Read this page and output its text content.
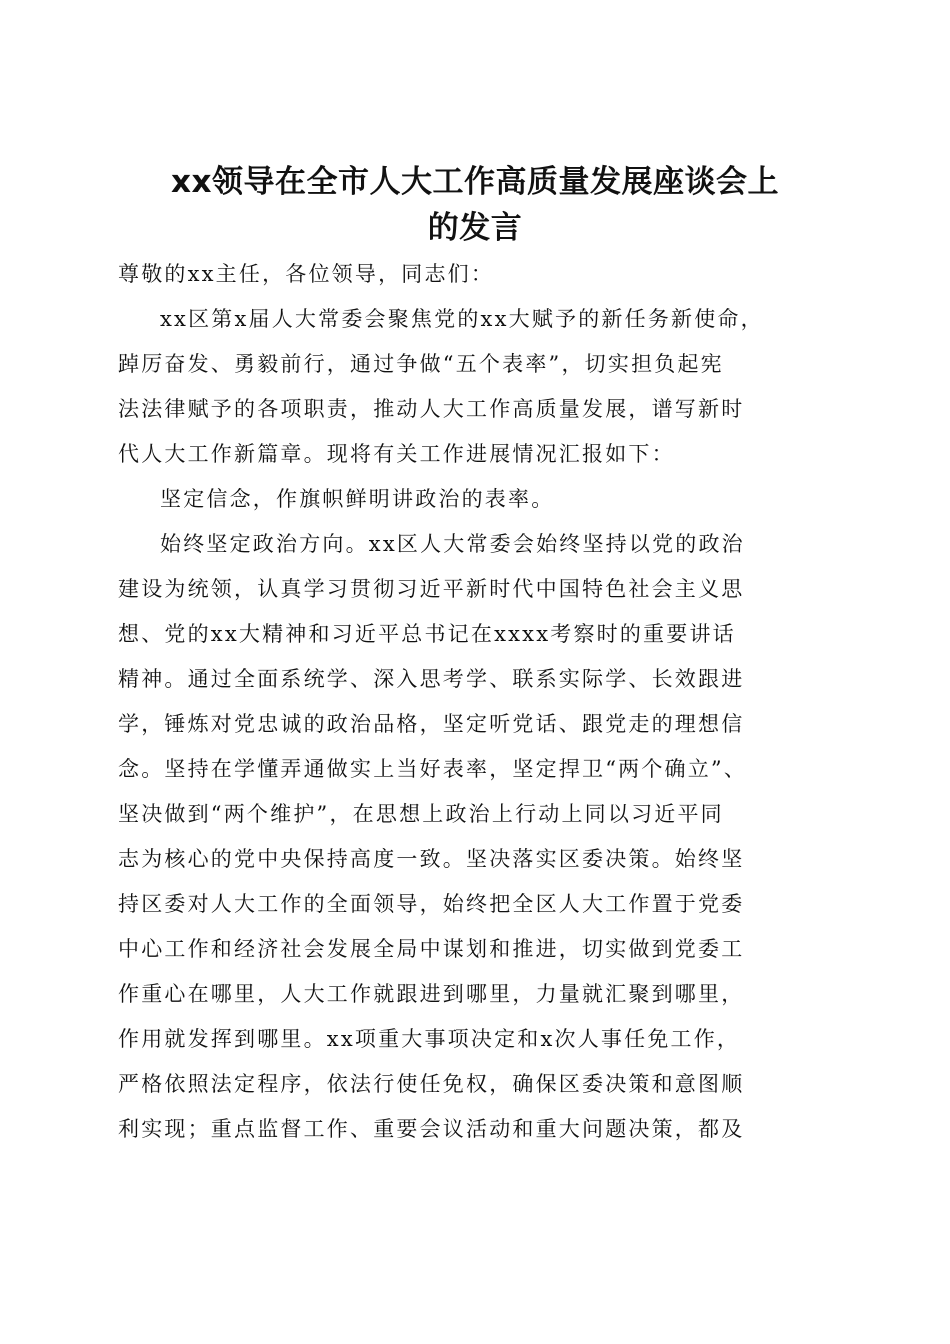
xx领导在全市人大工作高质量发展座谈会上
的发言
尊敬的xx主任，各位领导，同志们：
xx区第x届人大常委会聚焦党的xx大赋予的新任务新使命，
踔厉奋发、勇毅前行，通过争做“五个表率”，切实担负起宪
法法律赋予的各项职责，推动人大工作高质量发展，谱写新时
代人大工作新篇章。现将有关工作进展情况汇报如下：
坚定信念，作旗帜鲜明讲政治的表率。
始终坚定政治方向。xx区人大常委会始终坚持以党的政治
建设为统领，认真学习贯彻习近平新时代中国特色社会主义思
想、党的xx大精神和习近平总书记在xxxx考察时的重要讲话
精神。通过全面系统学、深入思考学、联系实际学、长效跟进
学，锤炼对党忠诚的政治品格，坚定听党话、跟党走的理想信
念。坚持在学懂弄通做实上当好表率，坚定捍卫“两个确立”、
坚决做到“两个维护”，在思想上政治上行动上同以习近平同
志为核心的党中央保持高度一致。坚决落实区委决策。始终坚
持区委对人大工作的全面领导，始终把全区人大工作置于党委
中心工作和经济社会发展全局中谋划和推进，切实做到党委工
作重心在哪里，人大工作就跟进到哪里，力量就汇聚到哪里，
作用就发挥到哪里。xx项重大事项决定和x次人事任免工作，
严格依照法定程序，依法行使任免权，确保区委决策和意图顺
利实现；重点监督工作、重要会议活动和重大问题决策，都及
